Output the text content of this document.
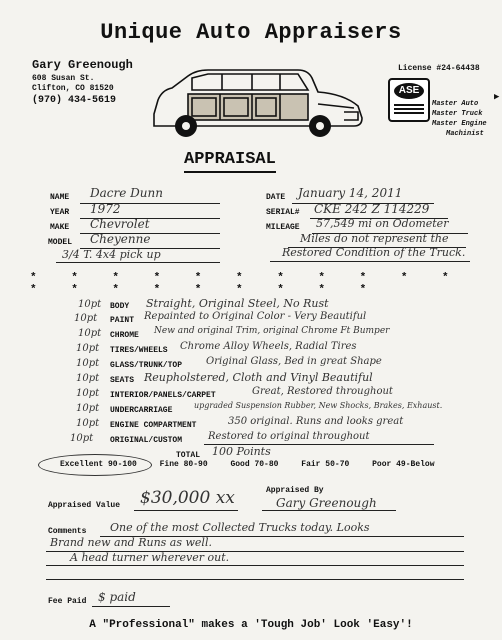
Unique Auto Appraisers
Gary Greenough
608 Susan St.
Clifton, CO 81520
(970) 434-5619
License #24-64438
ASE
Master Auto
Master Truck
Master Engine
Machinist
▶
APPRAISAL
NAME Dacre Dunn
YEAR 1972
MAKE Chevrolet
MODEL Cheyenne
3/4 T. 4x4 pick up
DATE January 14, 2011
SERIAL# CKE 242 Z 114229
MILEAGE 57,549 mi on Odometer
Miles do not represent the
Restored Condition of the Truck.
* * * * * * * * * * * * * * * * * * * *
10pt BODY Straight, Original Steel, No Rust
10pt PAINT Repainted to Original Color - Very Beautiful
10pt CHROME New and original Trim, original Chrome Ft Bumper
10pt TIRES/WHEELS Chrome Alloy Wheels, Radial Tires
10pt GLASS/TRUNK/TOP Original Glass, Bed in great Shape
10pt SEATS Reupholstered, Cloth and Vinyl Beautiful
10pt INTERIOR/PANELS/CARPET	Great, Restored throughout
10pt UNDERCARRIAGE
upgraded Suspension Rubber, New Shocks, Brakes, Exhaust.
10pt ENGINE COMPARTMENT	350 original. Runs and looks great
10pt ORIGINAL/CUSTOM	Restored to original throughout
TOTAL 100 Points
Excellent 90-100	Fine 80-90	Good 70-80	Fair 50-70	Poor 49-Below
Appraised Value $30,000 xx	Appraised By
Gary Greenough
Comments One of the most Collected Trucks today. Looks
Brand new and Runs as well.
A head turner wherever out.
Fee Paid $ paid
A "Professional" makes a 'Tough Job' Look 'Easy'!
